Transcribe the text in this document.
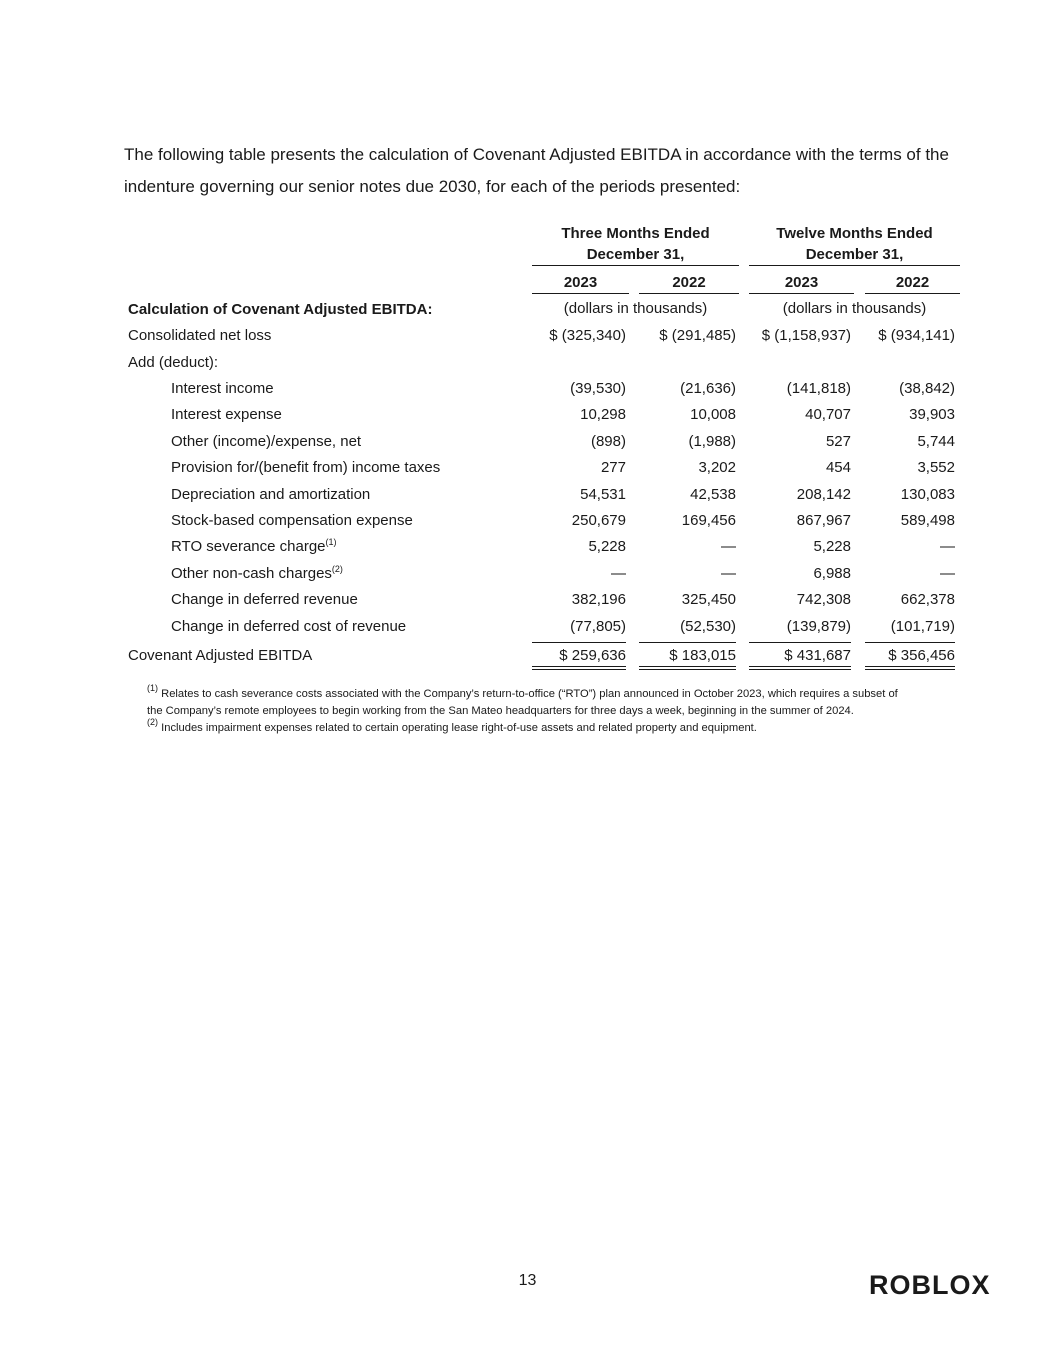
The following table presents the calculation of Covenant Adjusted EBITDA in accordance with the terms of the indenture governing our senior notes due 2030, for each of the periods presented:

Three Months Ended
December 31,
Twelve Months Ended
December 31,
2023	2022	2023	2022
(dollars in thousands)	(dollars in thousands)
Calculation of Covenant Adjusted EBITDA:
Consolidated net loss	$ (325,340)	$ (291,485)	$ (1,158,937)	$ (934,141)
Add (deduct):
Interest income	(39,530)	(21,636)	(141,818)	(38,842)
Interest expense	10,298	10,008	40,707	39,903
Other (income)/expense, net	(898)	(1,988)	527	5,744
Provision for/(benefit from) income taxes	277	3,202	454	3,552
Depreciation and amortization	54,531	42,538	208,142	130,083
Stock-based compensation expense	250,679	169,456	867,967	589,498
RTO severance charge$^{(1)}$	5,228	—	5,228	—
Other non-cash charges$^{(2)}$	—	—	6,988	—
Change in deferred revenue	382,196	325,450	742,308	662,378
Change in deferred cost of revenue	(77,805)	(52,530)	(139,879)	(101,719)
Covenant Adjusted EBITDA	$ 259,636	$ 183,015	$ 431,687	$ 356,456

$^{(1)}$ Relates to cash severance costs associated with the Company’s return-to-office (“RTO”) plan announced in October 2023, which requires a subset of the Company’s remote employees to begin working from the San Mateo headquarters for three days a week, beginning in the summer of 2024.

$^{(2)}$ Includes impairment expenses related to certain operating lease right-of-use assets and related property and equipment.

13	ROBLOX
